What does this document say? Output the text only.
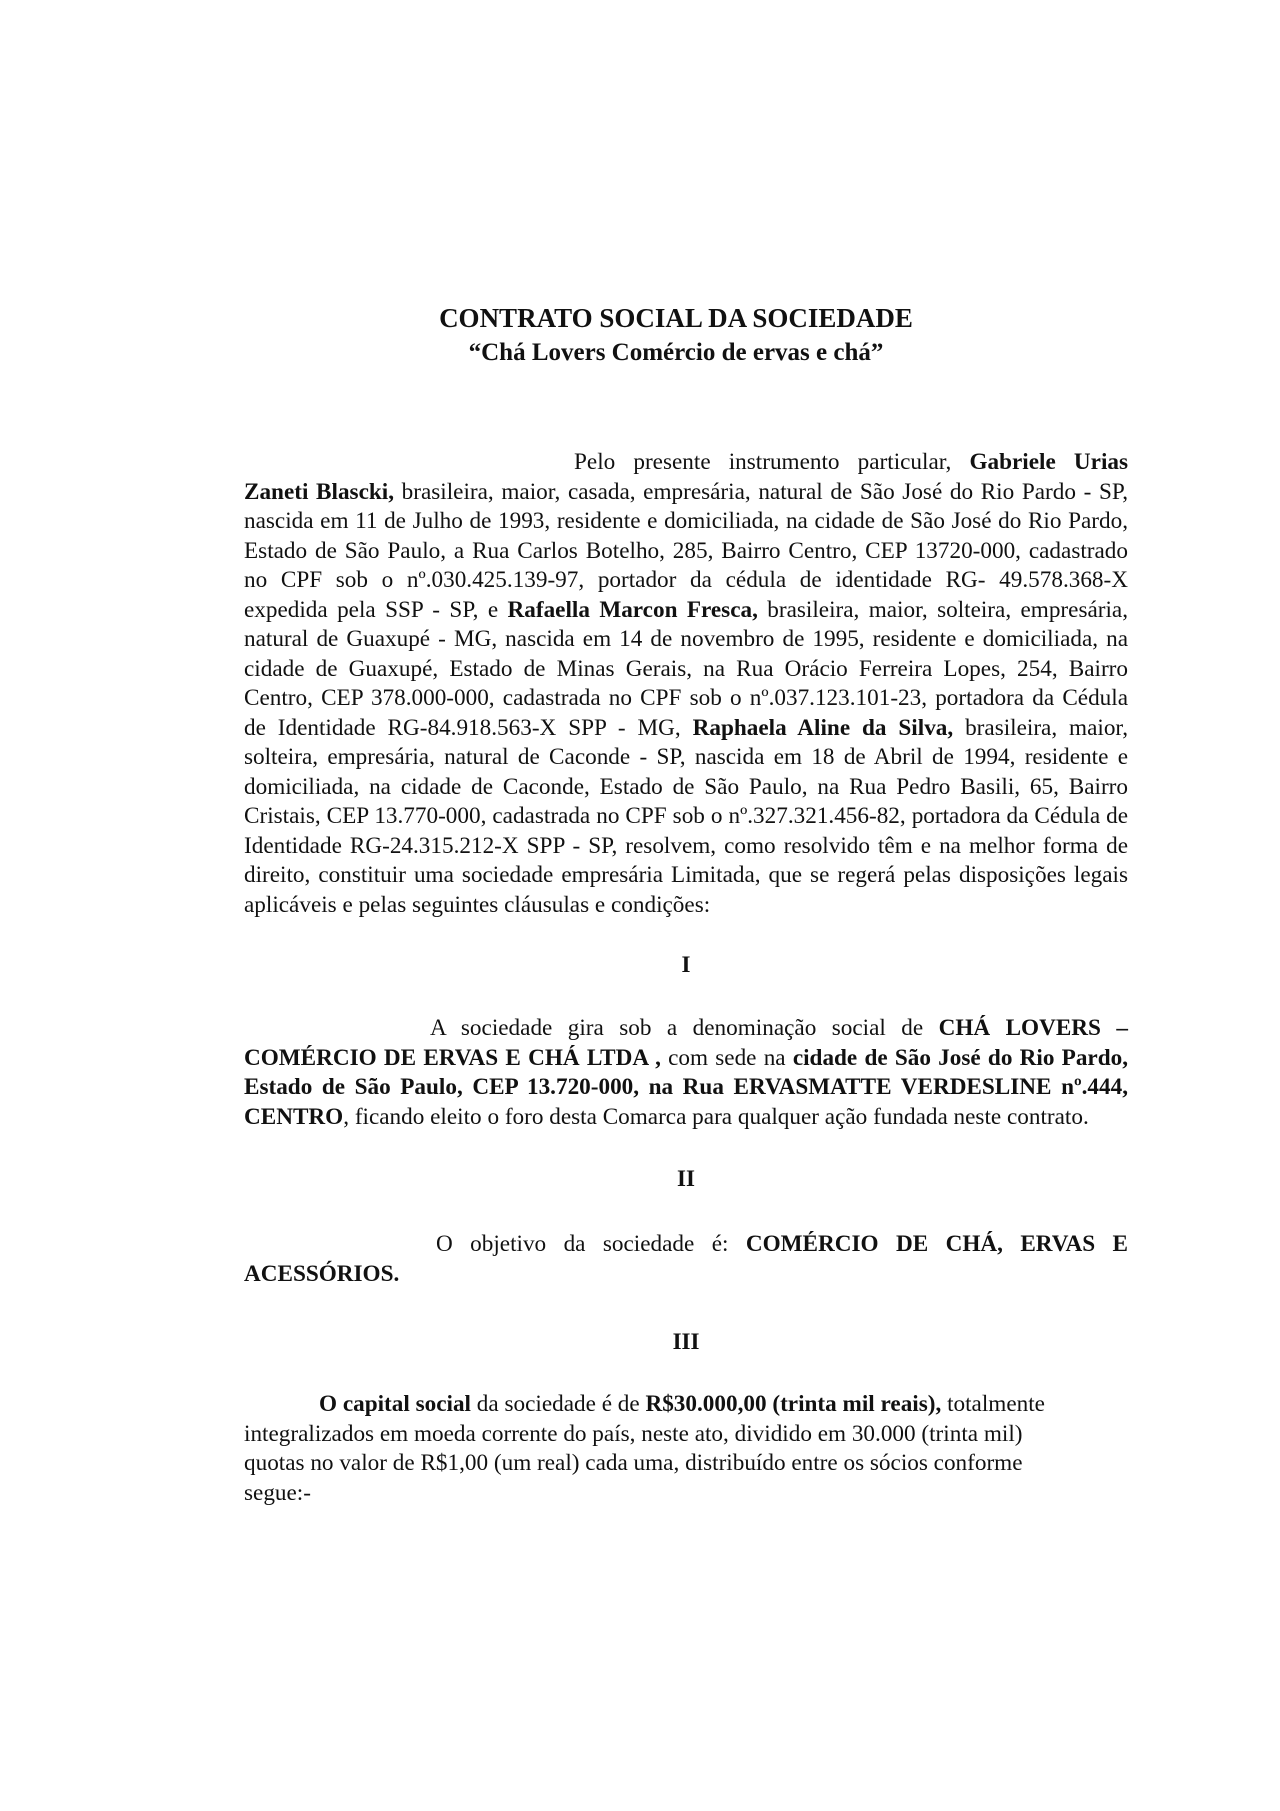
CONTRATO SOCIAL DA SOCIEDADE

“Chá Lovers Comércio de ervas e chá”

Pelo presente instrumento particular, Gabriele Urias Zaneti Blascki, brasileira, maior, casada, empresária, natural de São José do Rio Pardo - SP, nascida em 11 de Julho de 1993, residente e domiciliada, na cidade de São José do Rio Pardo, Estado de São Paulo, a Rua Carlos Botelho, 285, Bairro Centro, CEP 13720-000, cadastrado no CPF sob o nº.030.425.139-97, portador da cédula de identidade RG- 49.578.368-X expedida pela SSP - SP, e Rafaella Marcon Fresca, brasileira, maior, solteira, empresária, natural de Guaxupé - MG, nascida em 14 de novembro de 1995, residente e domiciliada, na cidade de Guaxupé, Estado de Minas Gerais, na Rua Orácio Ferreira Lopes, 254, Bairro Centro, CEP 378.000-000, cadastrada no CPF sob o nº.037.123.101-23, portadora da Cédula de Identidade RG-84.918.563-X SPP - MG, Raphaela Aline da Silva, brasileira, maior, solteira, empresária, natural de Caconde - SP, nascida em 18 de Abril de 1994, residente e domiciliada, na cidade de Caconde, Estado de São Paulo, na Rua Pedro Basili, 65, Bairro Cristais, CEP 13.770-000, cadastrada no CPF sob o nº.327.321.456-82, portadora da Cédula de Identidade RG-24.315.212-X SPP - SP, resolvem, como resolvido têm e na melhor forma de direito, constituir uma sociedade empresária Limitada, que se regerá pelas disposições legais aplicáveis e pelas seguintes cláusulas e condições:

I

A sociedade gira sob a denominação social de CHÁ LOVERS – COMÉRCIO DE ERVAS E CHÁ LTDA , com sede na cidade de São José do Rio Pardo, Estado de São Paulo, CEP 13.720-000, na Rua ERVASMATTE VERDESLINE nº.444, CENTRO, ficando eleito o foro desta Comarca para qualquer ação fundada neste contrato.

II

O objetivo da sociedade é: COMÉRCIO DE CHÁ, ERVAS E ACESSÓRIOS.

III

O capital social da sociedade é de R$30.000,00 (trinta mil reais), totalmente integralizados em moeda corrente do país, neste ato, dividido em 30.000 (trinta mil) quotas no valor de R$1,00 (um real) cada uma, distribuído entre os sócios conforme segue:-
